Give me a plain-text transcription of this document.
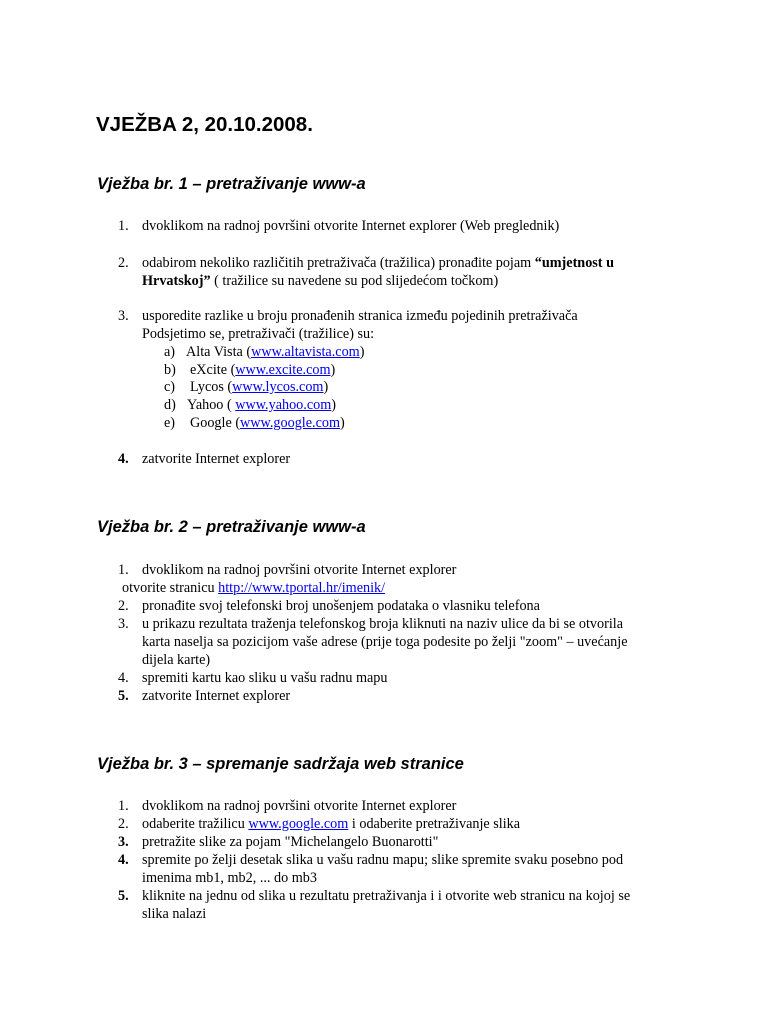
VJEŽBA 2, 20.10.2008.
Vježba br. 1 – pretraživanje www-a
1. dvoklikom na radnoj površini otvorite Internet explorer (Web preglednik)
2. odabirom nekoliko različitih pretraživača (tražilica) pronađite pojam “umjetnost u
Hrvatskoj” ( tražilice su navedene su pod slijedećom točkom)
3. usporedite razlike u broju pronađenih stranica između pojedinih pretraživača
Podsjetimo se, pretraživači (tražilice) su:
a) Alta Vista (www.altavista.com)
b) eXcite (www.excite.com)
c) Lycos (www.lycos.com)
d) Yahoo ( www.yahoo.com)
e) Google (www.google.com)
4. zatvorite Internet explorer
Vježba br. 2 – pretraživanje www-a
1. dvoklikom na radnoj površini otvorite Internet explorer
otvorite stranicu http://www.tportal.hr/imenik/
2. pronađite svoj telefonski broj unošenjem podataka o vlasniku telefona
3. u prikazu rezultata traženja telefonskog broja kliknuti na naziv ulice da bi se otvorila
karta naselja sa pozicijom vaše adrese (prije toga podesite po želji "zoom" – uvećanje
dijela karte)
4. spremiti kartu kao sliku u vašu radnu mapu
5. zatvorite Internet explorer
Vježba br. 3 – spremanje sadržaja web stranice
1. dvoklikom na radnoj površini otvorite Internet explorer
2. odaberite tražilicu www.google.com i odaberite pretraživanje slika
3. pretražite slike za pojam "Michelangelo Buonarotti"
4. spremite po želji desetak slika u vašu radnu mapu; slike spremite svaku posebno pod
imenima mb1, mb2, ... do mb3
5. kliknite na jednu od slika u rezultatu pretraživanja i i otvorite web stranicu na kojoj se
slika nalazi
